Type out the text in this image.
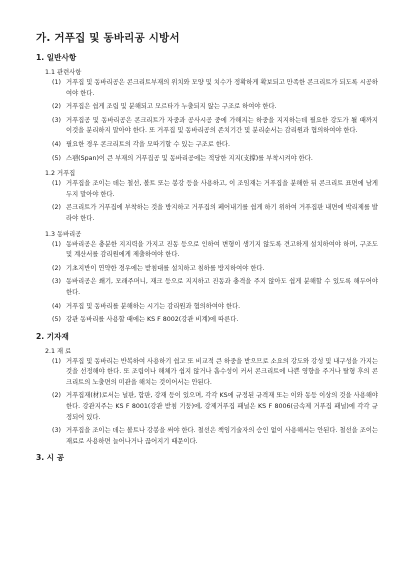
가. 거푸집 및 동바리공 시방서
1. 일반사항
1.1 관련사항
(1) 거푸집 및 동바리공은 콘크리트부재의 위치와 모양 및 치수가 정확하게 확보되고 만족한 콘크리트가 되도록 시공하여야 한다.
(2) 거푸집은 쉽게 조립 및 분해되고 모르타가 누출되지 않는 구조로 하여야 한다.
(3) 거푸집공 및 동바리공은 콘크리트가 자중과 공사시공 중에 가해지는 하중을 지지하는데 필요한 강도가 될 때까지 이것을 분리하지 말아야 한다. 또 거푸집 및 동바리공의 존치기간 및 분리순서는 감리원과 협의하여야 한다.
(4) 필요한 경우 콘크리트의 각을 모따기할 수 있는 구조로 한다.
(5) 스팬(Span)이 큰 부재의 거푸집공 및 동바리공에는 적당한 지지(支撑)를 부착시켜야 한다.
1.2 거푸집
(1) 거푸집을 조이는 데는 철선, 볼트 또는 봉강 등을 사용하고, 이 조임재는 거푸집을 분해한 뒤 콘크리트 표면에 남게 두지 말아야 한다.
(2) 콘크리트가 거푸집에 부착하는 것을 방지하고 거푸집의 페어내기를 쉽게 하기 위하여 거푸집판 내면에 박리제를 발라야 한다.
1.3 동바리공
(1) 동바리공은 충분한 지지력을 가지고 진동 등으로 인하여 변형이 생기지 않도록 견고하게 설치하여야 하며, 구조도 및 계산서를 감리원에게 제출하여야 한다.
(2) 기초지반이 연약한 경우에는 받침대를 설치하고 침하를 방지하여야 한다.
(3) 동바리공은 쐐기, 모래주머니, 재크 등으로 지지하고 진동과 충격을 주지 않아도 쉽게 분해할 수 있도록 해두어야 한다.
(4) 거푸집 및 동바리를 분해하는 시기는 감리원과 협의하여야 한다.
(5) 강관 동바리를 사용할 때에는 KS F 8002(강관 비계)에 따른다.
2. 기자재
2.1 재 료
(1) 거푸집 및 동바리는 반복하여 사용하기 쉽고 또 비교적 큰 하중을 받으므로 소요의 강도와 강성 및 내구성을 가지는 것을 선정해야 한다. 또 조립이나 해체가 쉽지 않거나 흡수성이 커서 콘크리트에 나쁜 영향을 주거나 탈형 후의 콘크리트의 노출면의 미관을 해치는 것이어서는 안된다.
(2) 거푸집재(材)로서는 널판, 합판, 강재 등이 있으며, 각각 KS에 규정된 규격재 또는 이와 동등 이상의 것을 사용해야 한다. 강관지주는 KS F 8001(강관 받침 기둥)에, 강제거푸집 패널은 KS F 8006(금속제 거푸집 패널)에 각각 규정되어 있다.
(3) 거푸집을 조이는 데는 볼트나 강봉을 써야 한다. 철선은 책임기술자의 승인 없이 사용해서는 안된다. 철선을 조이는 재료로 사용하면 늘어나거나 끊어지기 때문이다.
3. 시 공
